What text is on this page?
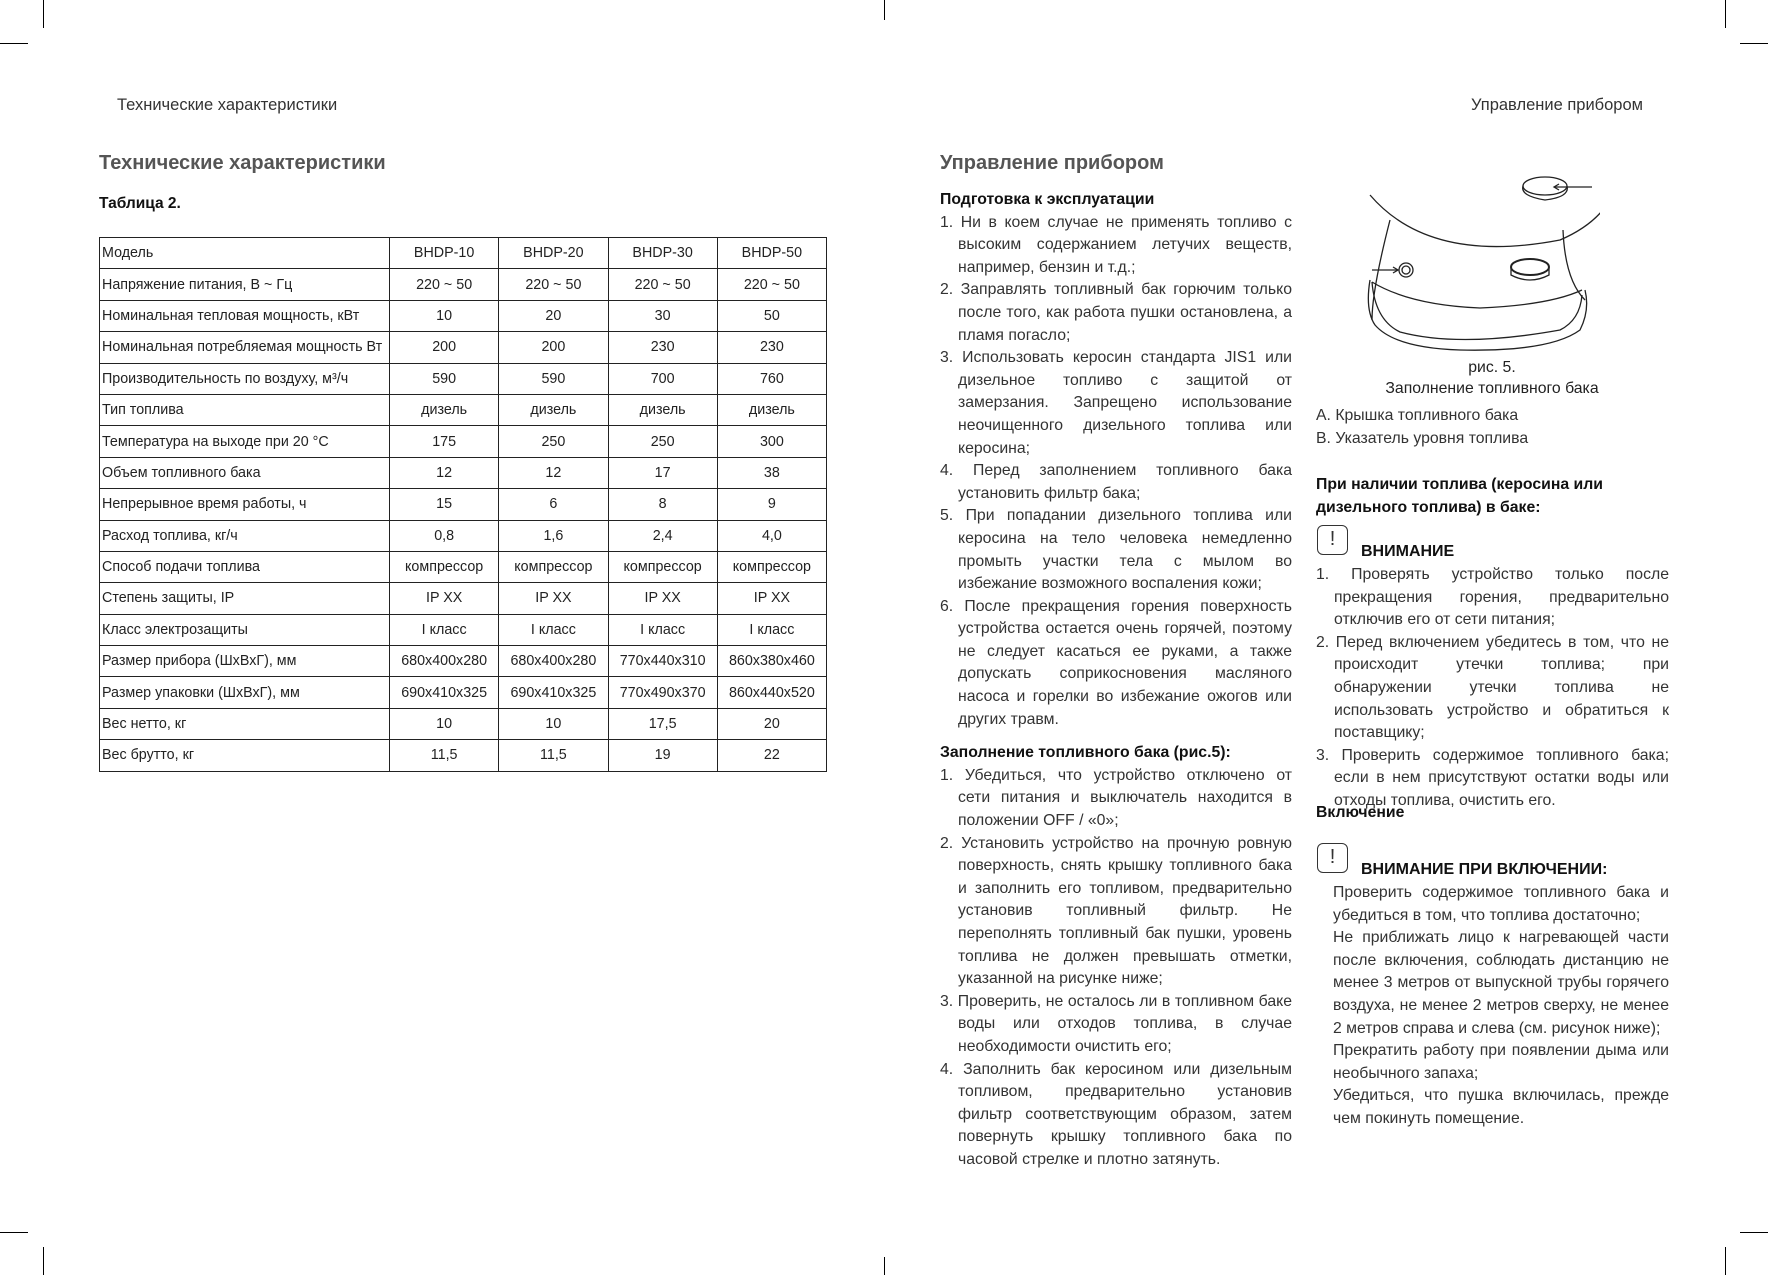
Технические характеристики
Технические характеристики
Таблица 2.
Модель	BHDP-10	BHDP-20	BHDP-30	BHDP-50
Напряжение питания, В ~ Гц	220 ~ 50	220 ~ 50	220 ~ 50	220 ~ 50
Номинальная тепловая мощность, кВт	10	20	30	50
Номинальная потребляемая мощность Вт	200	200	230	230
Производительность по воздуху, м³/ч	590	590	700	760
Тип топлива	дизель	дизель	дизель	дизель
Температура на выходе при 20 °С	175	250	250	300
Объем топливного бака	12	12	17	38
Непрерывное время работы, ч	15	6	8	9
Расход топлива, кг/ч	0,8	1,6	2,4	4,0
Способ подачи топлива	компрессор	компрессор	компрессор	компрессор
Степень защиты, IP	IP XX	IP XX	IP XX	IP XX
Класс электрозащиты	I класс	I класс	I класс	I класс
Размер прибора (ШхВхГ), мм	680x400x280	680x400x280	770x440x310	860x380x460
Размер упаковки (ШхВхГ), мм	690x410x325	690x410x325	770x490x370	860x440x520
Вес нетто, кг	10	10	17,5	20
Вес брутто, кг	11,5	11,5	19	22
Управление прибором
Управление прибором
Подготовка к эксплуатации
1. Ни в коем случае не применять топливо с высоким содержанием летучих веществ, например, бензин и т.д.;
2. Заправлять топливный бак горючим только после того, как работа пушки остановлена, а пламя погасло;
3. Использовать керосин стандарта JIS1 или дизельное топливо с защитой от замерзания. Запрещено использование неочищенного дизельного топлива или керосина;
4. Перед заполнением топливного бака установить фильтр бака;
5. При попадании дизельного топлива или керосина на тело человека немедленно промыть участки тела с мылом во избежание возможного воспаления кожи;
6. После прекращения горения поверхность устройства остается очень горячей, поэтому не следует касаться ее руками, а также допускать соприкосновения масляного насоса и горелки во избежание ожогов или других травм.
Заполнение топливного бака (рис.5):
1. Убедиться, что устройство отключено от сети питания и выключатель находится в положении OFF / «0»;
2. Установить устройство на прочную ровную поверхность, снять крышку топливного бака и заполнить его топливом, предварительно установив топливный фильтр. Не переполнять топливный бак пушки, уровень топлива не должен превышать отметки, указанной на рисунке ниже;
3. Проверить, не осталось ли в топливном баке воды или отходов топлива, в случае необходимости очистить его;
4. Заполнить бак керосином или дизельным топливом, предварительно установив фильтр соответствующим образом, затем повернуть крышку топливного бака по часовой стрелке и плотно затянуть.
рис. 5.
Заполнение топливного бака
А. Крышка топливного бака
В. Указатель уровня топлива
При наличии топлива (керосина или дизельного топлива) в баке:
!
ВНИМАНИЕ
1. Проверять устройство только после прекращения горения, предварительно отключив его от сети питания;
2. Перед включением убедитесь в том, что не происходит утечки топлива; при обнаружении утечки топлива не использовать устройство и обратиться к поставщику;
3. Проверить содержимое топливного бака; если в нем присутствуют остатки воды или отходы топлива, очистить его.
Включение
!
ВНИМАНИЕ ПРИ ВКЛЮЧЕНИИ:
Проверить содержимое топливного бака и убедиться в том, что топлива достаточно;
Не приближать лицо к нагревающей части после включения, соблюдать дистанцию не менее 3 метров от выпускной трубы горячего воздуха, не менее 2 метров сверху, не менее 2 метров справа и слева (см. рисунок ниже);
Прекратить работу при появлении дыма или необычного запаха;
Убедиться, что пушка включилась, прежде чем покинуть помещение.
